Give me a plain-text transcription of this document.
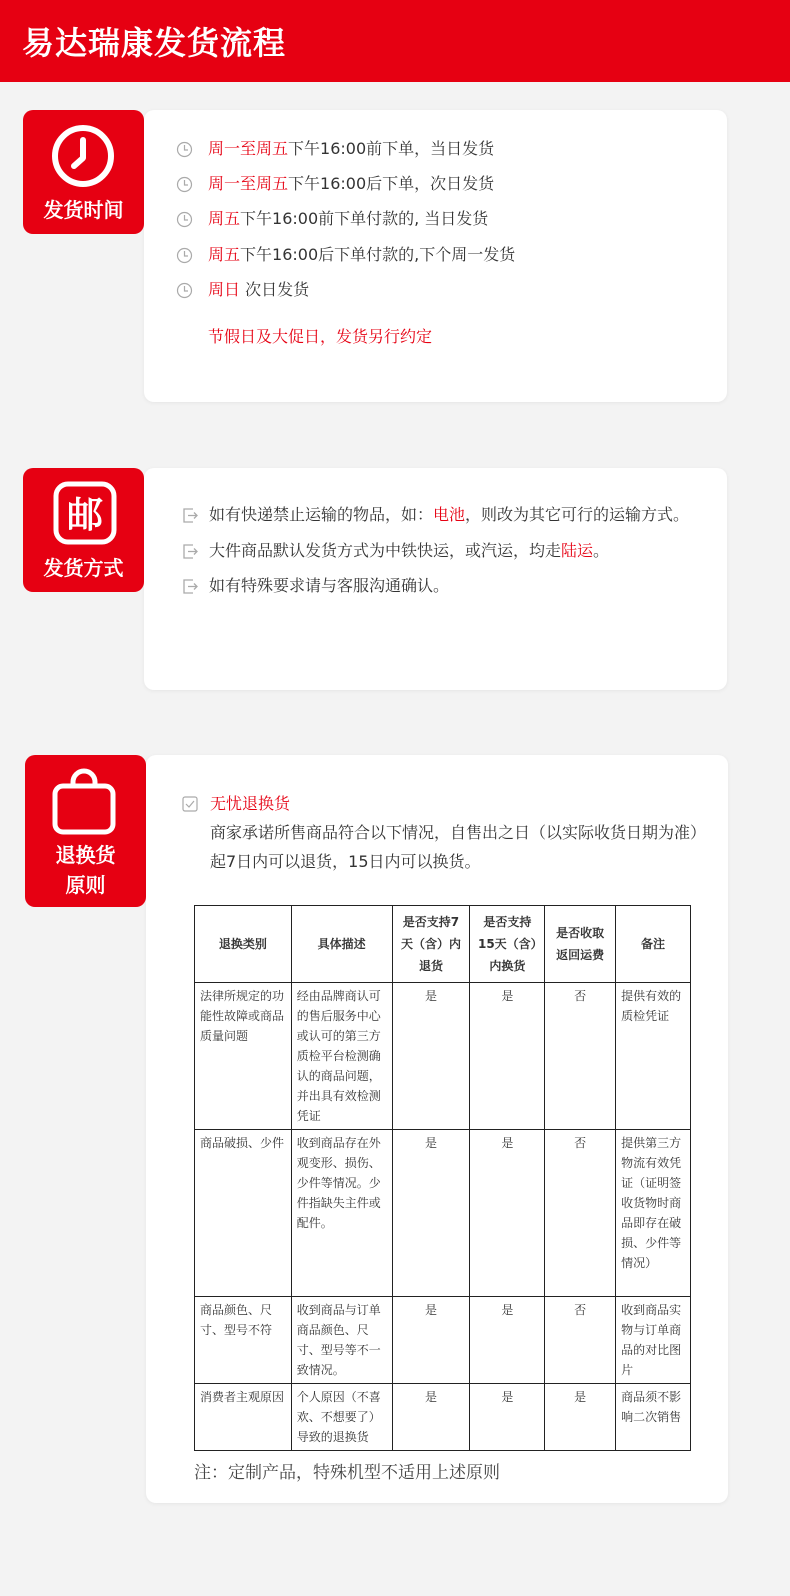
易达瑞康发货流程
发货时间
周一至周五下午16:00前下单，当日发货
周一至周五下午16:00后下单，次日发货
周五下午16:00前下单付款的, 当日发货
周五下午16:00后下单付款的,下个周一发货
周日 次日发货
节假日及大促日，发货另行约定
邮
发货方式
如有快递禁止运输的物品，如：电池，则改为其它可行的运输方式。
大件商品默认发货方式为中铁快运，或汽运，均走陆运。
如有特殊要求请与客服沟通确认。
退换货
原则
无忧退换货
商家承诺所售商品符合以下情况，自售出之日（以实际收货日期为准）
起7日内可以退货，15日内可以换货。
退换类别	具体描述	是否支持7天（含）内退货	是否支持15天（含）内换货	是否收取返回运费	备注
法律所规定的功能性故障或商品质量问题	经由品牌商认可的售后服务中心或认可的第三方质检平台检测确认的商品问题，并出具有效检测凭证	是	是	否	提供有效的质检凭证
商品破损、少件	收到商品存在外观变形、损伤、少件等情况。少件指缺失主件或配件。	是	是	否	提供第三方物流有效凭证（证明签收货物时商品即存在破损、少件等情况）
商品颜色、尺寸、型号不符	收到商品与订单商品颜色、尺寸、型号等不一致情况。	是	是	否	收到商品实物与订单商品的对比图片
消费者主观原因	个人原因（不喜欢、不想要了）导致的退换货	是	是	是	商品须不影响二次销售
注：定制产品，特殊机型不适用上述原则
